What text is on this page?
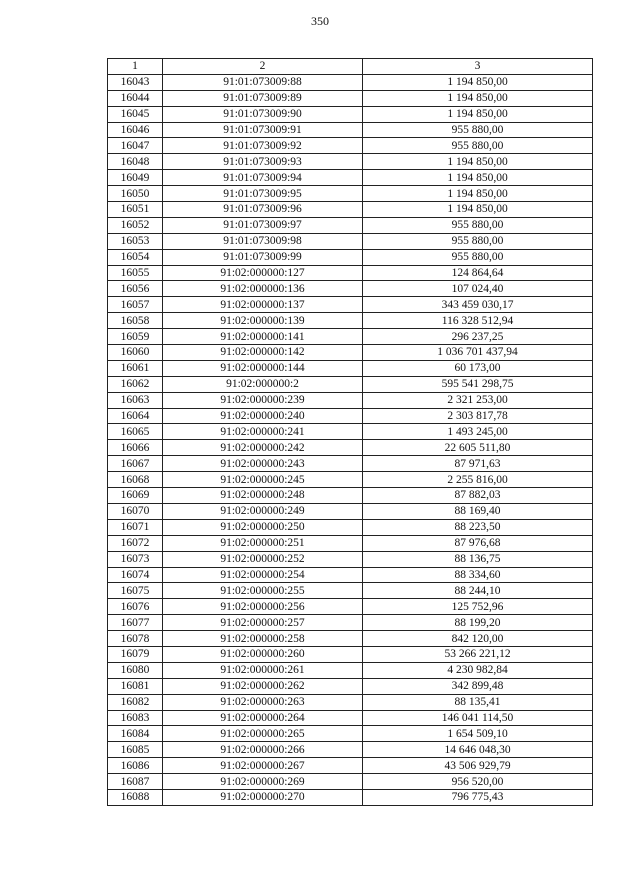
350
1	2	3
16043	91:01:073009:88	1 194 850,00
16044	91:01:073009:89	1 194 850,00
16045	91:01:073009:90	1 194 850,00
16046	91:01:073009:91	955 880,00
16047	91:01:073009:92	955 880,00
16048	91:01:073009:93	1 194 850,00
16049	91:01:073009:94	1 194 850,00
16050	91:01:073009:95	1 194 850,00
16051	91:01:073009:96	1 194 850,00
16052	91:01:073009:97	955 880,00
16053	91:01:073009:98	955 880,00
16054	91:01:073009:99	955 880,00
16055	91:02:000000:127	124 864,64
16056	91:02:000000:136	107 024,40
16057	91:02:000000:137	343 459 030,17
16058	91:02:000000:139	116 328 512,94
16059	91:02:000000:141	296 237,25
16060	91:02:000000:142	1 036 701 437,94
16061	91:02:000000:144	60 173,00
16062	91:02:000000:2	595 541 298,75
16063	91:02:000000:239	2 321 253,00
16064	91:02:000000:240	2 303 817,78
16065	91:02:000000:241	1 493 245,00
16066	91:02:000000:242	22 605 511,80
16067	91:02:000000:243	87 971,63
16068	91:02:000000:245	2 255 816,00
16069	91:02:000000:248	87 882,03
16070	91:02:000000:249	88 169,40
16071	91:02:000000:250	88 223,50
16072	91:02:000000:251	87 976,68
16073	91:02:000000:252	88 136,75
16074	91:02:000000:254	88 334,60
16075	91:02:000000:255	88 244,10
16076	91:02:000000:256	125 752,96
16077	91:02:000000:257	88 199,20
16078	91:02:000000:258	842 120,00
16079	91:02:000000:260	53 266 221,12
16080	91:02:000000:261	4 230 982,84
16081	91:02:000000:262	342 899,48
16082	91:02:000000:263	88 135,41
16083	91:02:000000:264	146 041 114,50
16084	91:02:000000:265	1 654 509,10
16085	91:02:000000:266	14 646 048,30
16086	91:02:000000:267	43 506 929,79
16087	91:02:000000:269	956 520,00
16088	91:02:000000:270	796 775,43
